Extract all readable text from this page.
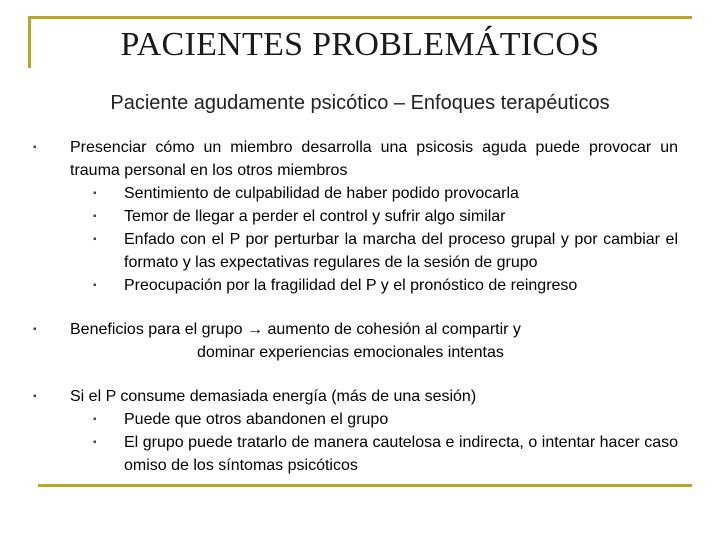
PACIENTES PROBLEMÁTICOS
Paciente agudamente psicótico – Enfoques terapéuticos
▪ Presenciar cómo un miembro desarrolla una psicosis aguda puede provocar un trauma personal en los otros miembros
▪ Sentimiento de culpabilidad de haber podido provocarla
▪ Temor de llegar a perder el control y sufrir algo similar
▪ Enfado con el P por perturbar la marcha del proceso grupal y por cambiar el formato y las expectativas regulares de la sesión de grupo
▪ Preocupación por la fragilidad del P y el pronóstico de reingreso
▪ Beneficios para el grupo → aumento de cohesión al compartir y
dominar experiencias emocionales intentas
▪ Si el P consume demasiada energía (más de una sesión)
▪ Puede que otros abandonen el grupo
▪ El grupo puede tratarlo de manera cautelosa e indirecta, o intentar hacer caso omiso de los síntomas psicóticos
